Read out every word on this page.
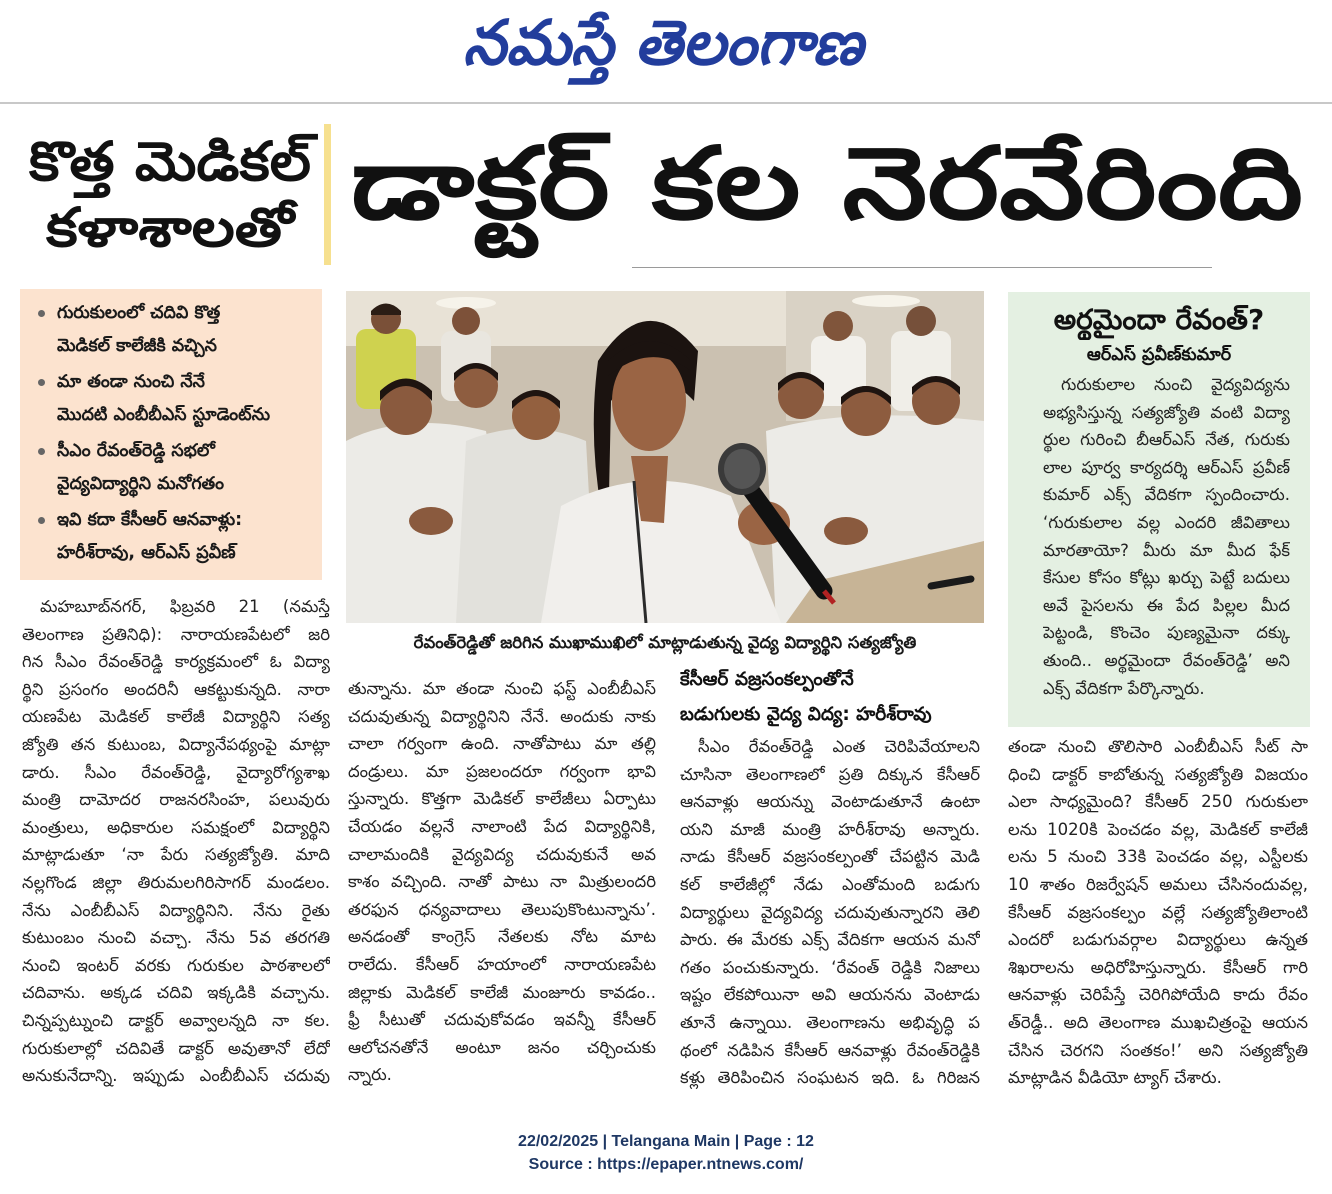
నమస్తే తెలంగాణ
కొత్త మెడికల్
కళాశాలతో డాక్టర్ కల నెరవేరింది
గురుకులంలో చదివి కొత్త
మెడికల్ కాలేజీకి వచ్చిన
మా తండా నుంచి నేనే
మొదటి ఎంబీబీఎస్ స్టూడెంట్‌ను
సీఎం రేవంత్‌రెడ్డి సభలో
వైద్యవిద్యార్థిని మనోగతం
ఇవి కదా కేసీఆర్ ఆనవాళ్లు:
హరీశ్‌రావు, ఆర్‌ఎస్ ప్రవీణ్
రేవంత్‌రెడ్డితో జరిగిన ముఖాముఖిలో మాట్లాడుతున్న వైద్య విద్యార్థిని సత్యజ్యోతి
అర్థమైందా రేవంత్?
ఆర్‌ఎస్ ప్రవీణ్‌కుమార్
గురుకులాల నుంచి వైద్యవిద్యను
అభ్యసిస్తున్న సత్యజ్యోతి వంటి విద్యా
ర్థుల గురించి బీఆర్‌ఎస్ నేత, గురుకు
లాల పూర్వ కార్యదర్శి ఆర్‌ఎస్ ప్రవీణ్
కుమార్ ఎక్స్ వేదికగా స్పందించారు.
‘గురుకులాల వల్ల ఎందరి జీవితాలు
మారతాయో? మీరు మా మీద ఫేక్
కేసుల కోసం కోట్లు ఖర్చు పెట్టే బదులు
అవే పైసలను ఈ పేద పిల్లల మీద
పెట్టండి, కొంచెం పుణ్యమైనా దక్కు
తుంది.. అర్థమైందా రేవంత్‌రెడ్డి’ అని
ఎక్స్ వేదికగా పేర్కొన్నారు.
మహబూబ్‌నగర్, ఫిబ్రవరి 21 (నమస్తే
తెలంగాణ ప్రతినిధి): నారాయణపేటలో జరి
గిన సీఎం రేవంత్‌రెడ్డి కార్యక్రమంలో ఓ విద్యా
ర్థిని ప్రసంగం అందరినీ ఆకట్టుకున్నది. నారా
యణపేట మెడికల్ కాలేజీ విద్యార్థిని సత్య
జ్యోతి తన కుటుంబ, విద్యానేపథ్యంపై మాట్లా
డారు. సీఎం రేవంత్‌రెడ్డి, వైద్యారోగ్యశాఖ
మంత్రి దామోదర రాజనరసింహ, పలువురు
మంత్రులు, అధికారుల సమక్షంలో విద్యార్థిని
మాట్లాడుతూ ‘నా పేరు సత్యజ్యోతి. మాది
నల్లగొండ జిల్లా తిరుమలగిరిసాగర్ మండలం.
నేను ఎంబీబీఎస్ విద్యార్థినిని. నేను రైతు
కుటుంబం నుంచి వచ్చా. నేను 5వ తరగతి
నుంచి ఇంటర్ వరకు గురుకుల పాఠశాలలో
చదివాను. అక్కడ చదివి ఇక్కడికి వచ్చాను.
చిన్నప్పట్నుంచి డాక్టర్ అవ్వాలన్నది నా కల.
గురుకులాల్లో చదివితే డాక్టర్ అవుతానో లేదో
అనుకునేదాన్ని. ఇప్పుడు ఎంబీబీఎస్ చదువు
తున్నాను. మా తండా నుంచి ఫస్ట్ ఎంబీబీఎస్
చదువుతున్న విద్యార్థినిని నేనే. అందుకు నాకు
చాలా గర్వంగా ఉంది. నాతోపాటు మా తల్లి
దండ్రులు. మా ప్రజలందరూ గర్వంగా భావి
స్తున్నారు. కొత్తగా మెడికల్ కాలేజీలు ఏర్పాటు
చేయడం వల్లనే నాలాంటి పేద విద్యార్థినికి,
చాలామందికి వైద్యవిద్య చదువుకునే అవ
కాశం వచ్చింది. నాతో పాటు నా మిత్రులందరి
తరఫున ధన్యవాదాలు తెలుపుకొంటున్నాను’.
అనడంతో కాంగ్రెస్ నేతలకు నోట మాట
రాలేదు. కేసీఆర్ హయాంలో నారాయణపేట
జిల్లాకు మెడికల్ కాలేజీ మంజూరు కావడం..
ఫ్రీ సీటుతో చదువుకోవడం ఇవన్నీ కేసీఆర్
ఆలోచనతోనే అంటూ జనం చర్చించుకు
న్నారు.
కేసీఆర్ వజ్రసంకల్పంతోనే
బడుగులకు వైద్య విద్య: హరీశ్‌రావు
సీఎం రేవంత్‌రెడ్డి ఎంత చెరిపివేయాలని
చూసినా తెలంగాణలో ప్రతి దిక్కున కేసీఆర్
ఆనవాళ్లు ఆయన్ను వెంటాడుతూనే ఉంటా
యని మాజీ మంత్రి హరీశ్‌రావు అన్నారు.
నాడు కేసీఆర్ వజ్రసంకల్పంతో చేపట్టిన మెడి
కల్ కాలేజీల్లో నేడు ఎంతోమంది బడుగు
విద్యార్థులు వైద్యవిద్య చదువుతున్నారని తెలి
పారు. ఈ మేరకు ఎక్స్ వేదికగా ఆయన మనో
గతం పంచుకున్నారు. ‘రేవంత్ రెడ్డికి నిజాలు
ఇష్టం లేకపోయినా అవి ఆయనను వెంటాడు
తూనే ఉన్నాయి. తెలంగాణను అభివృద్ధి ప
థంలో నడిపిన కేసీఆర్ ఆనవాళ్లు రేవంత్‌రెడ్డికి
కళ్లు తెరిపించిన సంఘటన ఇది. ఓ గిరిజన
తండా నుంచి తొలిసారి ఎంబీబీఎస్ సీట్ సా
ధించి డాక్టర్ కాబోతున్న సత్యజ్యోతి విజయం
ఎలా సాధ్యమైంది? కేసీఆర్ 250 గురుకులా
లను 1020కి పెంచడం వల్ల, మెడికల్ కాలేజీ
లను 5 నుంచి 33కి పెంచడం వల్ల, ఎస్టీలకు
10 శాతం రిజర్వేషన్ అమలు చేసినందువల్ల,
కేసీఆర్ వజ్రసంకల్పం వల్లే సత్యజ్యోతిలాంటి
ఎందరో బడుగువర్గాల విద్యార్థులు ఉన్నత
శిఖరాలను అధిరోహిస్తున్నారు. కేసీఆర్ గారి
ఆనవాళ్లు చెరిపేస్తే చెరిగిపోయేది కాదు రేవం
త్‌రెడ్డీ.. అది తెలంగాణ ముఖచిత్రంపై ఆయన
చేసిన చెరగని సంతకం!’ అని సత్యజ్యోతి
మాట్లాడిన వీడియో ట్యాగ్ చేశారు.
22/02/2025 | Telangana Main | Page : 12
Source : https://epaper.ntnews.com/
